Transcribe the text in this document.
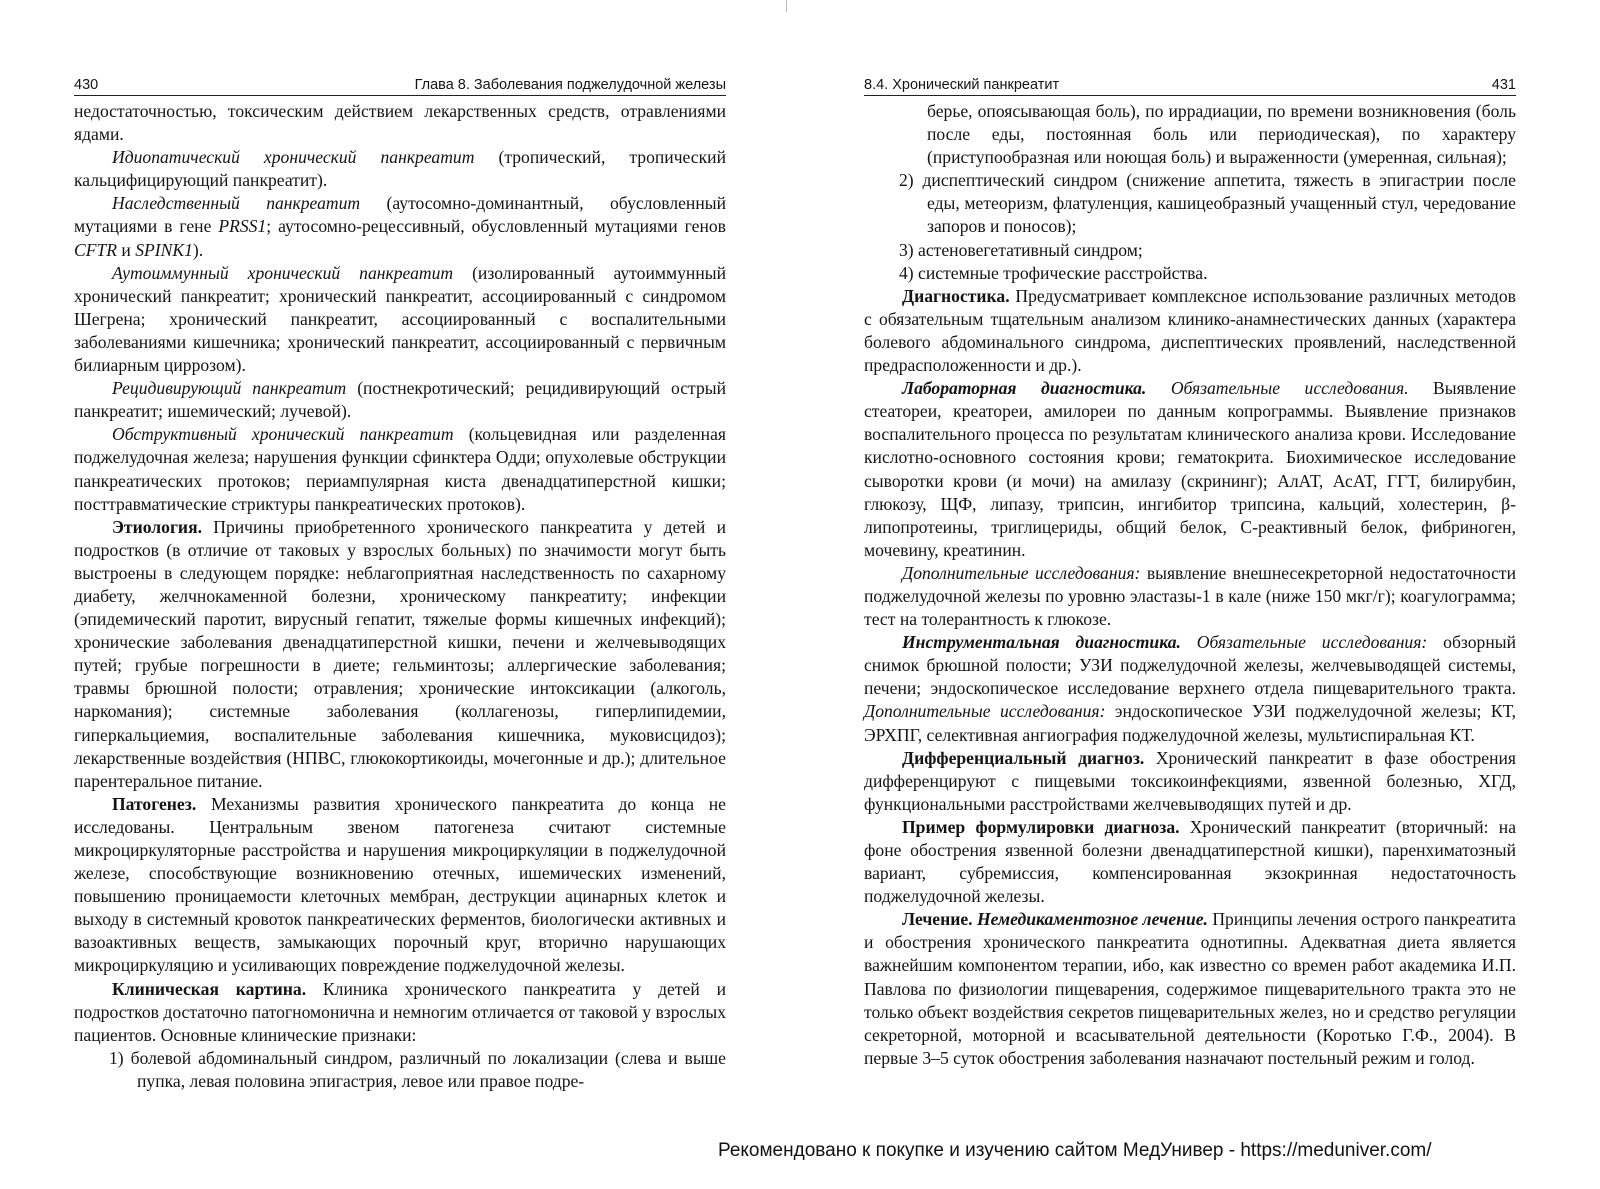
430	Глава 8. Заболевания поджелудочной железы

недостаточностью, токсическим действием лекарственных средств, отравлениями ядами.

Идиопатический хронический панкреатит (тропический, тропический кальцифицирующий панкреатит).

Наследственный панкреатит (аутосомно-доминантный, обусловленный мутациями в гене PRSS1; аутосомно-рецессивный, обусловленный мутациями генов CFTR и SPINK1).

Аутоиммунный хронический панкреатит (изолированный аутоиммунный хронический панкреатит; хронический панкреатит, ассоциированный с синдромом Шегрена; хронический панкреатит, ассоциированный с воспалительными заболеваниями кишечника; хронический панкреатит, ассоциированный с первичным билиарным циррозом).

Рецидивирующий панкреатит (постнекротический; рецидивирующий острый панкреатит; ишемический; лучевой).

Обструктивный хронический панкреатит (кольцевидная или разделенная поджелудочная железа; нарушения функции сфинктера Одди; опухолевые обструкции панкреатических протоков; периампулярная киста двенадцатиперстной кишки; посттравматические стриктуры панкреатических протоков).

Этиология. Причины приобретенного хронического панкреатита у детей и подростков (в отличие от таковых у взрослых больных) по значимости могут быть выстроены в следующем порядке: неблагоприятная наследственность по сахарному диабету, желчнокаменной болезни, хроническому панкреатиту; инфекции (эпидемический паротит, вирусный гепатит, тяжелые формы кишечных инфекций); хронические заболевания двенадцатиперстной кишки, печени и желчевыводящих путей; грубые погрешности в диете; гельминтозы; аллергические заболевания; травмы брюшной полости; отравления; хронические интоксикации (алкоголь, наркомания); системные заболевания (коллагенозы, гиперлипидемии, гиперкальциемия, воспалительные заболевания кишечника, муковисцидоз); лекарственные воздействия (НПВС, глюкокортикоиды, мочегонные и др.); длительное парентеральное питание.

Патогенез. Механизмы развития хронического панкреатита до конца не исследованы. Центральным звеном патогенеза считают системные микроциркуляторные расстройства и нарушения микроциркуляции в поджелудочной железе, способствующие возникновению отечных, ишемических изменений, повышению проницаемости клеточных мембран, деструкции ацинарных клеток и выходу в системный кровоток панкреатических ферментов, биологически активных и вазоактивных веществ, замыкающих порочный круг, вторично нарушающих микроциркуляцию и усиливающих повреждение поджелудочной железы.

Клиническая картина. Клиника хронического панкреатита у детей и подростков достаточно патогномонична и немногим отличается от таковой у взрослых пациентов. Основные клинические признаки:

1) болевой абдоминальный синдром, различный по локализации (слева и выше пупка, левая половина эпигастрия, левое или правое подре-

8.4. Хронический панкреатит	431

берье, опоясывающая боль), по иррадиации, по времени возникновения (боль после еды, постоянная боль или периодическая), по характеру (приступообразная или ноющая боль) и выраженности (умеренная, сильная);

2) диспептический синдром (снижение аппетита, тяжесть в эпигастрии после еды, метеоризм, флатуленция, кашицеобразный учащенный стул, чередование запоров и поносов);

3) астеновегетативный синдром;

4) системные трофические расстройства.

Диагностика. Предусматривает комплексное использование различных методов с обязательным тщательным анализом клинико-анамнестических данных (характера болевого абдоминального синдрома, диспептических проявлений, наследственной предрасположенности и др.).

Лабораторная диагностика. Обязательные исследования. Выявление стеатореи, креатореи, амилореи по данным копрограммы. Выявление признаков воспалительного процесса по результатам клинического анализа крови. Исследование кислотно-основного состояния крови; гематокрита. Биохимическое исследование сыворотки крови (и мочи) на амилазу (скрининг); АлАТ, АсАТ, ГГТ, билирубин, глюкозу, ЩФ, липазу, трипсин, ингибитор трипсина, кальций, холестерин, β-липопротеины, триглицериды, общий белок, С-реактивный белок, фибриноген, мочевину, креатинин.

Дополнительные исследования: выявление внешнесекреторной недостаточности поджелудочной железы по уровню эластазы-1 в кале (ниже 150 мкг/г); коагулограмма; тест на толерантность к глюкозе.

Инструментальная диагностика. Обязательные исследования: обзорный снимок брюшной полости; УЗИ поджелудочной железы, желчевыводящей системы, печени; эндоскопическое исследование верхнего отдела пищеварительного тракта. Дополнительные исследования: эндоскопическое УЗИ поджелудочной железы; КТ, ЭРХПГ, селективная ангиография поджелудочной железы, мультиспиральная КТ.

Дифференциальный диагноз. Хронический панкреатит в фазе обострения дифференцируют с пищевыми токсикоинфекциями, язвенной болезнью, ХГД, функциональными расстройствами желчевыводящих путей и др.

Пример формулировки диагноза. Хронический панкреатит (вторичный: на фоне обострения язвенной болезни двенадцатиперстной кишки), паренхиматозный вариант, субремиссия, компенсированная экзокринная недостаточность поджелудочной железы.

Лечение. Немедикаментозное лечение. Принципы лечения острого панкреатита и обострения хронического панкреатита однотипны. Адекватная диета является важнейшим компонентом терапии, ибо, как известно со времен работ академика И.П. Павлова по физиологии пищеварения, содержимое пищеварительного тракта это не только объект воздействия секретов пищеварительных желез, но и средство регуляции секреторной, моторной и всасывательной деятельности (Коротько Г.Ф., 2004). В первые 3–5 суток обострения заболевания назначают постельный режим и голод.

Рекомендовано к покупке и изучению сайтом МедУнивер - https://meduniver.com/
